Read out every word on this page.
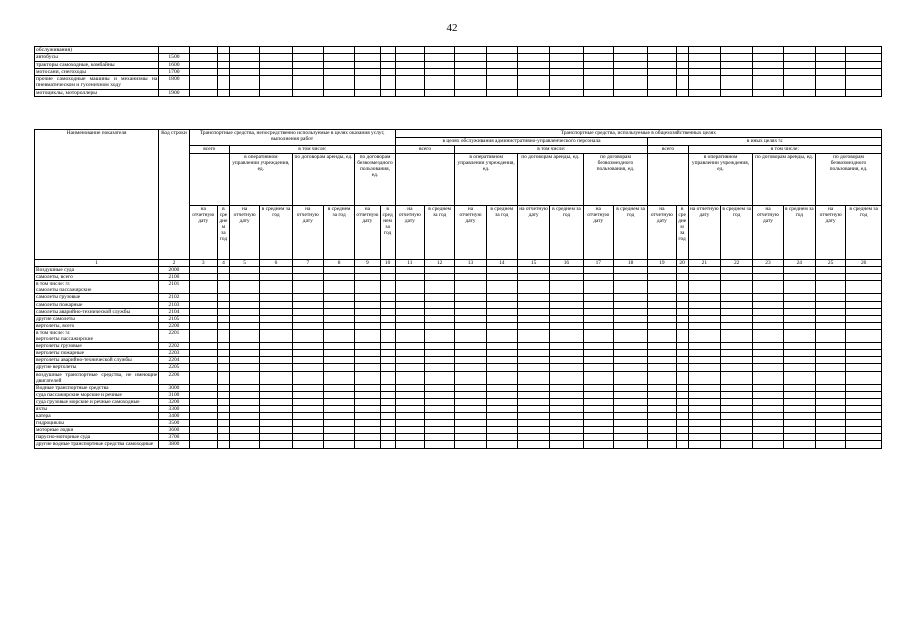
42
обслуживания)																									
автобусы	1500																								
тракторы самоходные, комбайны	1600																								
мотосани, снегоходы	1700																								
прочие самоходные машины и механизмы на пневматическом и гусеничном ходу	1800																								
мотоциклы, мотороллеры	1900																								
Наименование показателя	Код строки	Транспортные средства, непосредственно используемые в целях оказания услуг, выполнения работ								Транспортные средства, используемые в общехозяйственных целях															
										в целях обслуживания административно-управленческого персонала								в иных целях $^{52}$
		всего		в том числе:						всего		в том числе:						всего		в том числе:					
				в оперативном управлении учреждения, ед.		по договорам аренды, ед.		по договорам безвозмездного пользования, ед.				в оперативном управлении учреждения, ед.		по договорам аренды, ед.		по договорам безвозмездного пользования, ед.				в оперативном управлении учреждения, ед.		по договорам аренды, ед.		по договорам безвозмездного пользования, ед.	
		на отчетную дату	в среднем за год	на отчетную дату	в среднем за год	на отчетную дату	в среднем за год	на отчетную дату	в среднем за год	на отчетную дату	в среднем за год	на отчетную дату	в среднем за год	на отчетную дату	в среднем за год	на отчетную дату	в среднем за год	на отчетную дату	в среднем за год	на отчетную дату	в среднем за год	на отчетную дату	в среднем за год	на отчетную дату	в среднем за год
1	2	3	4	5	6	7	8	9	10	11	12	13	14	15	16	17	18	19	20	21	22	23	24	25	26
Воздушные суда	2000																								
самолеты, всего	2100																								
в том числе: $^{53}$
самолеты пассажирские	2101																								
самолеты грузовые	2102																								
самолеты пожарные	2103																								
самолеты аварийно-технической службы	2104																								
другие самолеты	2105																								
вертолеты, всего	2200																								
в том числе: $^{54}$
вертолеты пассажирские	2201																								
вертолеты грузовые	2202																								
вертолеты пожарные	2203																								
вертолеты аварийно-технической службы	2204																								
другие вертолеты	2205																								
воздушные транспортные средства, не имеющие двигателей	2206																								
Водные транспортные средства	3000																								
суда пассажирские морские и речные	3100																								
суда грузовые морские и речные самоходные	3200																								
яхты	3300																								
катера	3400																								
гидроциклы	3500																								
моторные лодки	3600																								
парусно-моторные суда	3700																								
другие водные транспортные средства самоходные	3800																								
